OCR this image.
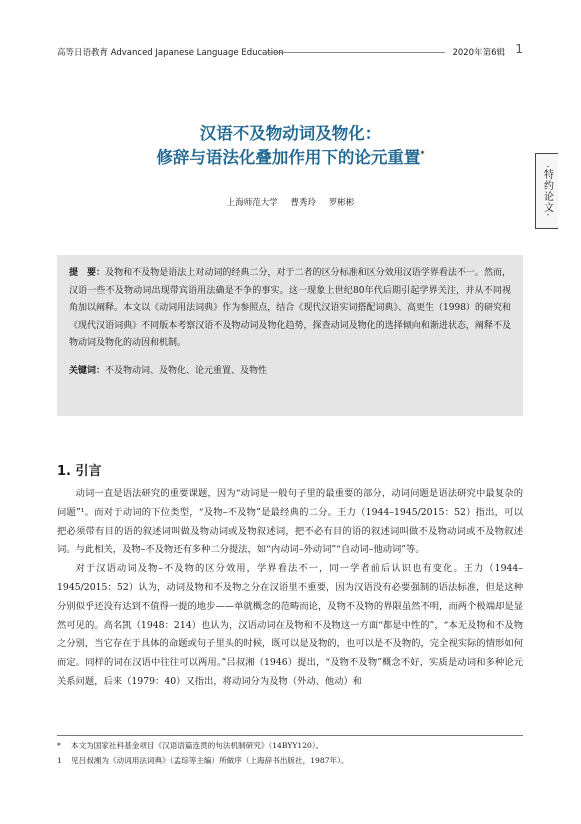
高等日语教育 Advanced Japanese Language Education	2020年第6辑 1
汉语不及物动词及物化：
修辞与语法化叠加作用下的论元重置*
·特约论文·
上海师范大学 曹秀玲 罗彬彬

提　要：及物和不及物是语法上对动词的经典二分，对于二者的区分标准和区分效用汉语学界看法不一。然而，汉语一些不及物动词出现带宾语用法确是不争的事实。这一现象上世纪80年代后期引起学界关注，并从不同视角加以阐释。本文以《动词用法词典》作为参照点，结合《现代汉语实词搭配词典》、高更生（1998）的研究和《现代汉语词典》不同版本考察汉语不及物动词及物化趋势，探查动词及物化的选择倾向和渐进状态，阐释不及物动词及物化的动因和机制。

关键词：不及物动词、及物化、论元重置、及物性
1. 引言

动词一直是语法研究的重要课题，因为“动词是一般句子里的最重要的部分，动词问题是语法研究中最复杂的问题”¹。而对于动词的下位类型，“及物–不及物”是最经典的二分。王力（1944–1945/2015：52）指出，可以把必须带有目的语的叙述词叫做及物动词或及物叙述词，把不必有目的语的叙述词叫做不及物动词或不及物叙述词。与此相关，及物–不及物还有多种二分提法，如“内动词–外动词”“自动词–他动词”等。

对于汉语动词及物–不及物的区分效用，学界看法不一，同一学者前后认识也有变化。王力（1944–1945/2015：52）认为，动词及物和不及物之分在汉语里不重要，因为汉语没有必要强制的语法标准，但是这种分别似乎还没有达到不值得一提的地步——单就概念的范畴而论，及物不及物的界限虽然不明，而两个极端却是显然可见的。高名凯（1948：214）也认为，汉语动词在及物和不及物这一方面“都是中性的”，“本无及物和不及物之分别，当它存在于具体的命题或句子里头的时候，既可以是及物的，也可以是不及物的，完全视实际的情形如何而定。同样的词在汉语中往往可以两用。”吕叔湘（1946）提出，“及物不及物”概念不好，实质是动词和多种论元关系问题，后来（1979：40）又指出，将动词分为及物（外动、他动）和

* 本文为国家社科基金项目《汉语语篇连贯的句法机制研究》（14BYY120）。

1 见吕叔湘为《动词用法词典》（孟琮等主编）所做序（上海辞书出版社，1987年）。
